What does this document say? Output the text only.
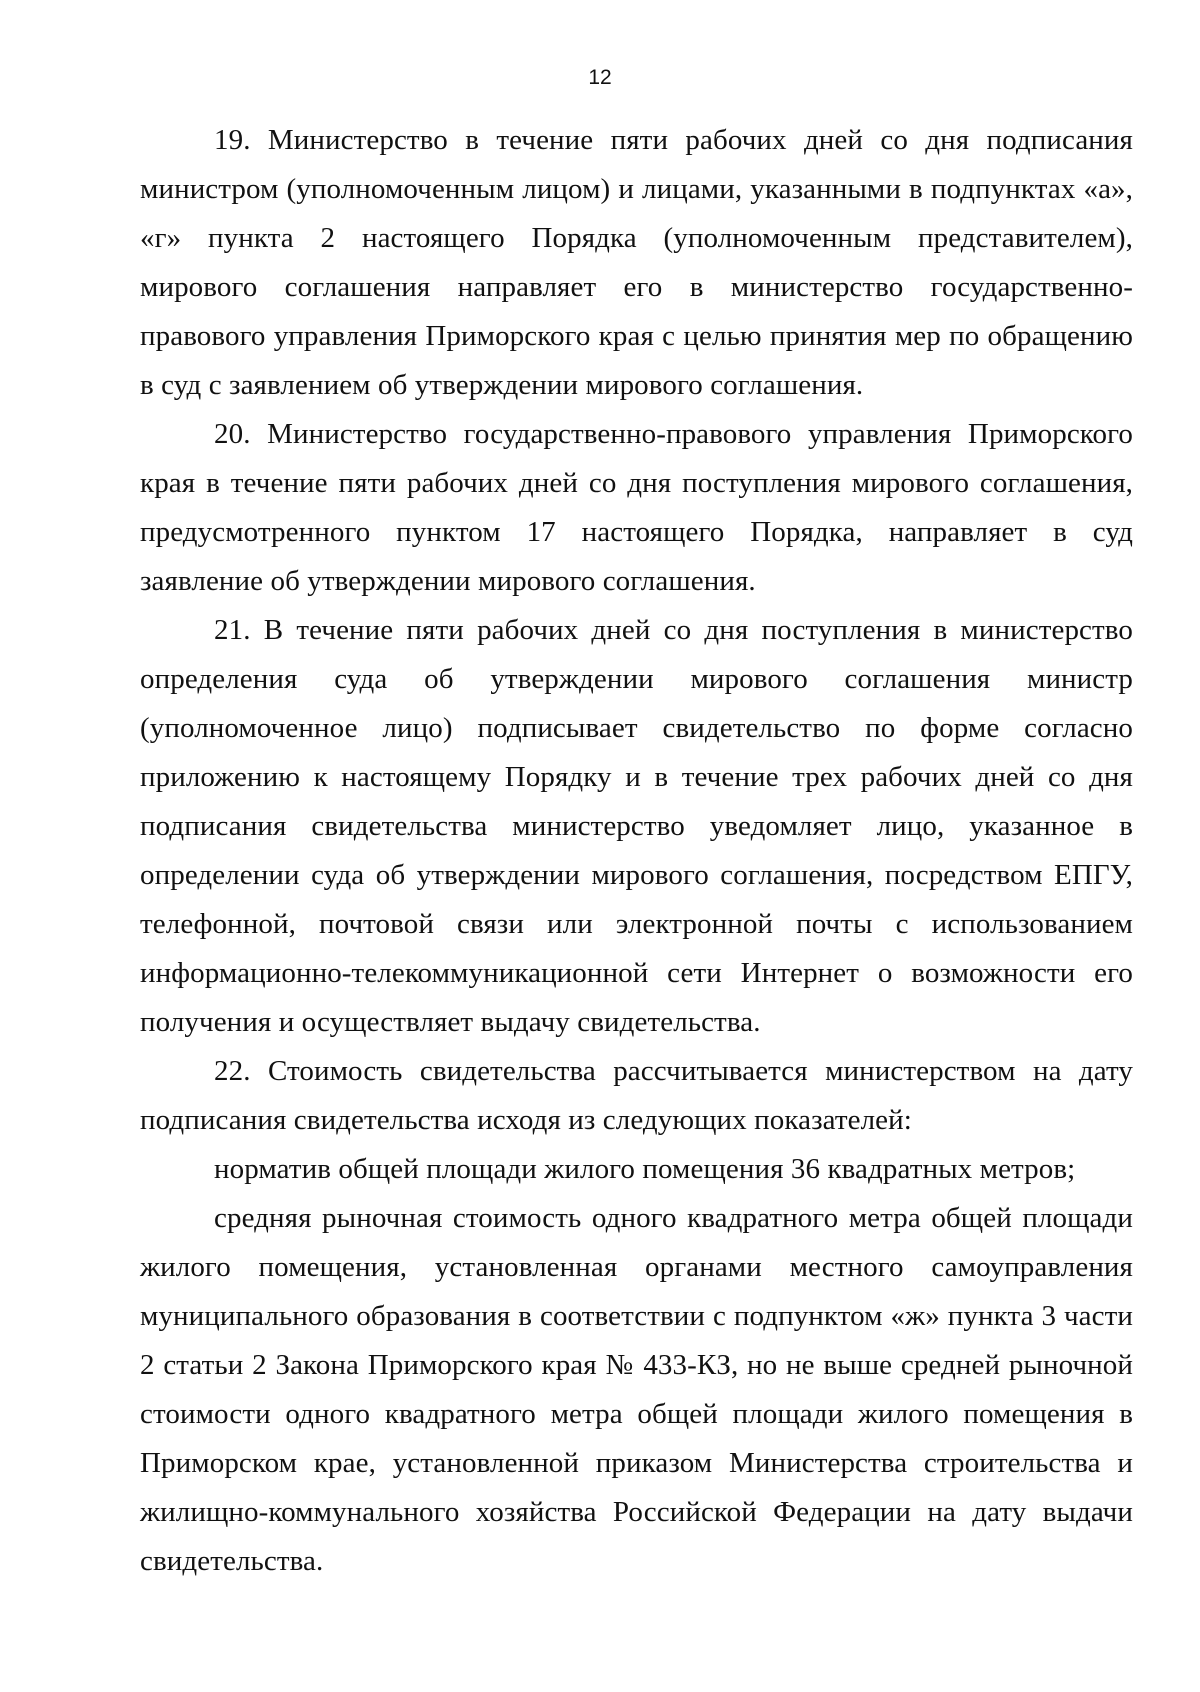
12

19. Министерство в течение пяти рабочих дней со дня подписания министром (уполномоченным лицом) и лицами, указанными в подпунктах «а», «г» пункта 2 настоящего Порядка (уполномоченным представителем), мирового соглашения направляет его в министерство государственно-правового управления Приморского края с целью принятия мер по обращению в суд с заявлением об утверждении мирового соглашения.

20. Министерство государственно-правового управления Приморского края в течение пяти рабочих дней со дня поступления мирового соглашения, предусмотренного пунктом 17 настоящего Порядка, направляет в суд заявление об утверждении мирового соглашения.

21. В течение пяти рабочих дней со дня поступления в министерство определения суда об утверждении мирового соглашения министр (уполномоченное лицо) подписывает свидетельство по форме согласно приложению к настоящему Порядку и в течение трех рабочих дней со дня подписания свидетельства министерство уведомляет лицо, указанное в определении суда об утверждении мирового соглашения, посредством ЕПГУ, телефонной, почтовой связи или электронной почты с использованием информационно-телекоммуникационной сети Интернет о возможности его получения и осуществляет выдачу свидетельства.

22. Стоимость свидетельства рассчитывается министерством на дату подписания свидетельства исходя из следующих показателей:

норматив общей площади жилого помещения 36 квадратных метров;

средняя рыночная стоимость одного квадратного метра общей площади жилого помещения, установленная органами местного самоуправления муниципального образования в соответствии с подпунктом «ж» пункта 3 части 2 статьи 2 Закона Приморского края № 433-КЗ, но не выше средней рыночной стоимости одного квадратного метра общей площади жилого помещения в Приморском крае, установленной приказом Министерства строительства и жилищно-коммунального хозяйства Российской Федерации на дату выдачи свидетельства.
